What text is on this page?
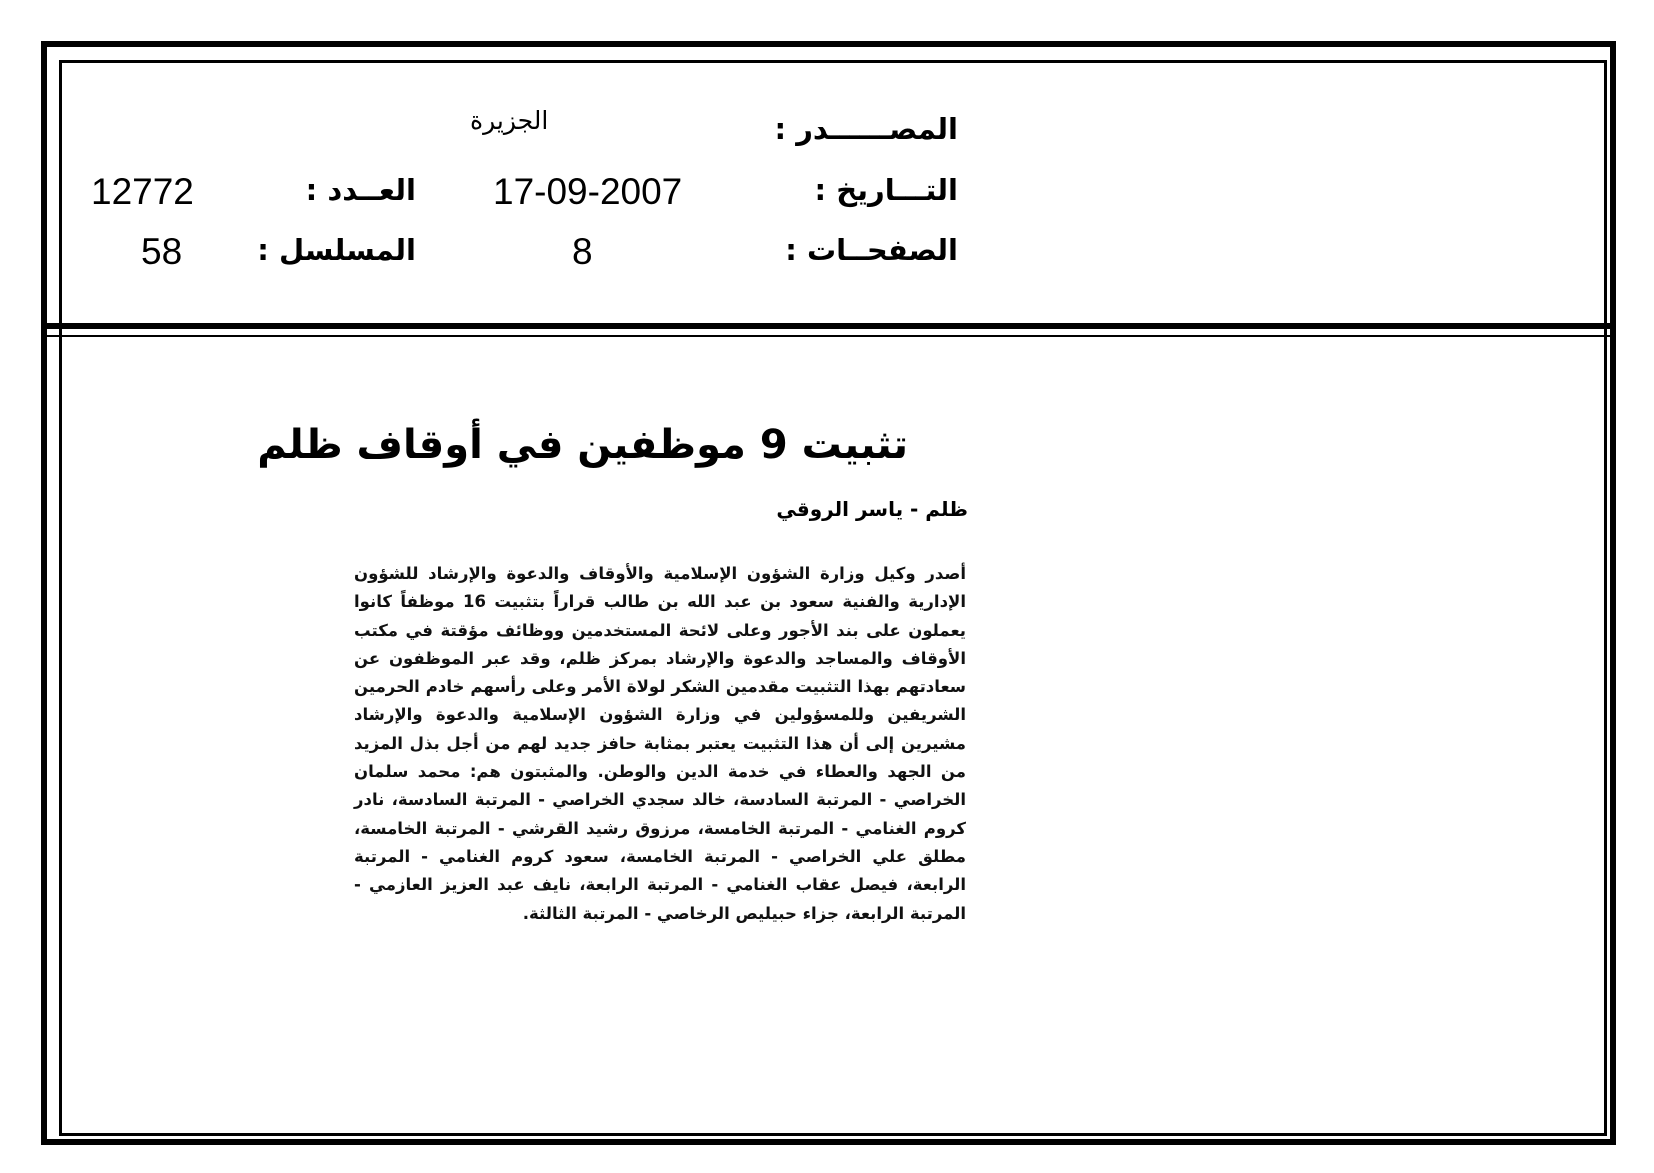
المصــــــدر :
الجزيرة
التـــاريخ :
17-09-2007
العــدد :
12772
الصفحــات :
8
المسلسل :
58
تثبيت 9 موظفين في أوقاف ظلم
ظلم - ياسر الروقي
أصدر وكيل وزارة الشؤون الإسلامية والأوقاف والدعوة والإرشاد للشؤون الإدارية والفنية سعود بن عبد الله بن طالب قراراً بتثبيت 16 موظفاً كانوا يعملون على بند الأجور وعلى لائحة المستخدمين ووظائف مؤقتة في مكتب الأوقاف والمساجد والدعوة والإرشاد بمركز ظلم، وقد عبر الموظفون عن سعادتهم بهذا التثبيت مقدمين الشكر لولاة الأمر وعلى رأسهم خادم الحرمين الشريفين وللمسؤولين في وزارة الشؤون الإسلامية والدعوة والإرشاد مشيرين إلى أن هذا التثبيت يعتبر بمثابة حافز جديد لهم من أجل بذل المزيد من الجهد والعطاء في خدمة الدين والوطن. والمثبتون هم: محمد سلمان الخراصي - المرتبة السادسة، خالد سجدي الخراصي - المرتبة السادسة، نادر كروم الغنامي - المرتبة الخامسة، مرزوق رشيد القرشي - المرتبة الخامسة، مطلق علي الخراصي - المرتبة الخامسة، سعود كروم الغنامي - المرتبة الرابعة، فيصل عقاب الغنامي - المرتبة الرابعة، نايف عبد العزيز العازمي - المرتبة الرابعة، جزاء حبيليص الرخاصي - المرتبة الثالثة.
